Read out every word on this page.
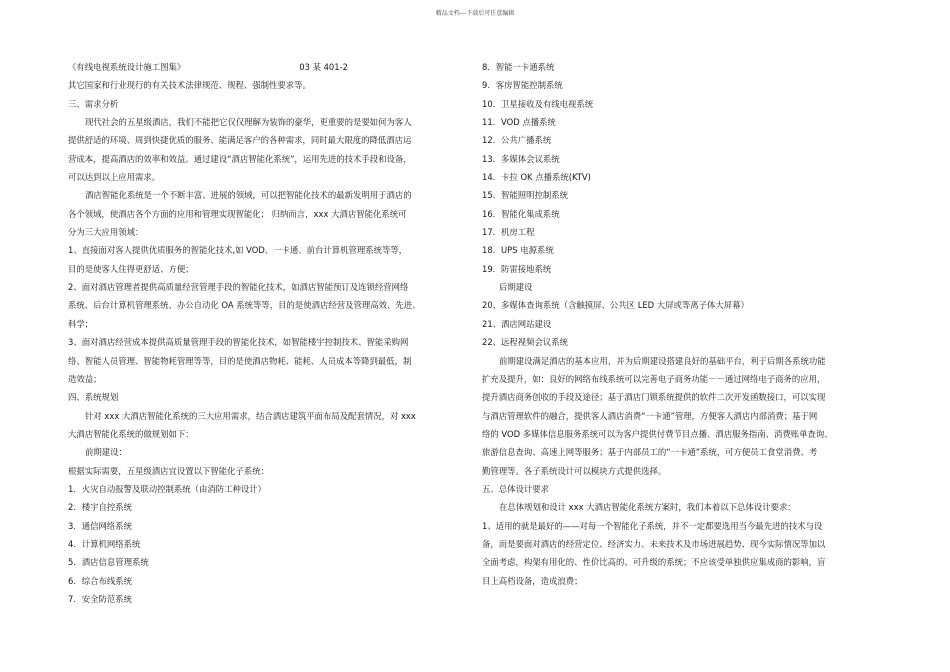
精品文档---下载后可任意编辑
《有线电视系统设计施工图集》	03 某 401-2
其它国家和行业现行的有关技术法律规范、规程、强制性要求等。
三、需求分析
现代社会的五星级酒店，我们不能把它仅仅理解为装饰的豪华，更重要的是要如何为客人
提供舒适的环境、周到快捷优质的服务、能满足客户的各种需求，同时最大限度的降低酒店运
营成本，提高酒店的效率和效益。通过建设“酒店智能化系统”，运用先进的技术手段和设备，
可以达到以上应用需求。
酒店智能化系统是一个不断丰富、进展的领域，可以把智能化技术的最新发明用于酒店的
各个领域，使酒店各个方面的应用和管理实现智能化； 归纳而言，xxx 大酒店智能化系统可
分为三大应用领域：
1、直接面对客人提供优质服务的智能化技术,如 VOD、一卡通、前台计算机管理系统等等，
目的是使客人住得更舒适、方便；
2、面对酒店管理者提供高质量经营管理手段的智能化技术，如酒店智能预订及连锁经营网络
系统、后台计算机管理系统、办公自动化 OA 系统等等，目的是使酒店经营及管理高效、先进、
科学；
3、面对酒店经营成本提供高质量管理手段的智能化技术，如智能楼宇控制技术、智能采购网
络、智能人员管理、智能物耗管理等等，目的是使酒店物耗、能耗、人员成本等降到最低，制
造效益；
四、系统规划
针对 xxx 大酒店智能化系统的三大应用需求，结合酒店建筑平面布局及配套情况，对 xxx
大酒店智能化系统的做规划如下：
前期建设：
根据实际需要，五星级酒店宜设置以下智能化子系统：
1．火灾自动报警及联动控制系统（由消防工种设计）
2．楼宇自控系统
3．通信网络系统
4．计算机网络系统
5．酒店信息管理系统
6．综合布线系统
7．安全防范系统
8．智能一卡通系统
9．客房智能控制系统
10．卫星接收及有线电视系统
11．VOD 点播系统
12．公共广播系统
13．多媒体会议系统
14．卡拉 OK 点播系统(KTV)
15．智能照明控制系统
16．智能化集成系统
17．机房工程
18．UPS 电源系统
19．防雷接地系统
后期建设
20、多媒体查询系统（含触摸屏、公共区 LED 大屏或等离子体大屏幕）
21、酒店网站建设
22、远程视频会议系统
前期建设满足酒店的基本应用，并为后期建设搭建良好的基础平台，利于后期各系统功能
扩充及提升，如：良好的网络布线系统可以完善电子商务功能－－通过网络电子商务的应用，
提升酒店商务创收的手段及途径；基于酒店门锁系统提供的软件二次开发函数接口，可以实现
与酒店管理软件的融合，提供客人酒店消费“一卡通”管理，方便客人酒店内部消费；基于网
络的 VOD 多媒体信息服务系统可以为客户提供付费节目点播、酒店服务指南、消费账单查询、
旅游信息查询、高速上网等服务；基于内部员工的“一卡通”系统，可方便员工食堂消费、考
勤管理等。各子系统设计可以模块方式提供选择。
五、总体设计要求
在总体规划和设计 xxx 大酒店智能化系统方案时，我们本着以下总体设计要求：
1、适用的就是最好的——对每一个智能化子系统，并不一定都要选用当今最先进的技术与设
备，而是要面对酒店的经营定位、经济实力、未来技术及市场进展趋势、现今实际情况等加以
全面考虑，构架有用化的、性价比高的、可升级的系统；不应该受单独供应集成商的影响，盲
目上高档设备，造成浪费；
